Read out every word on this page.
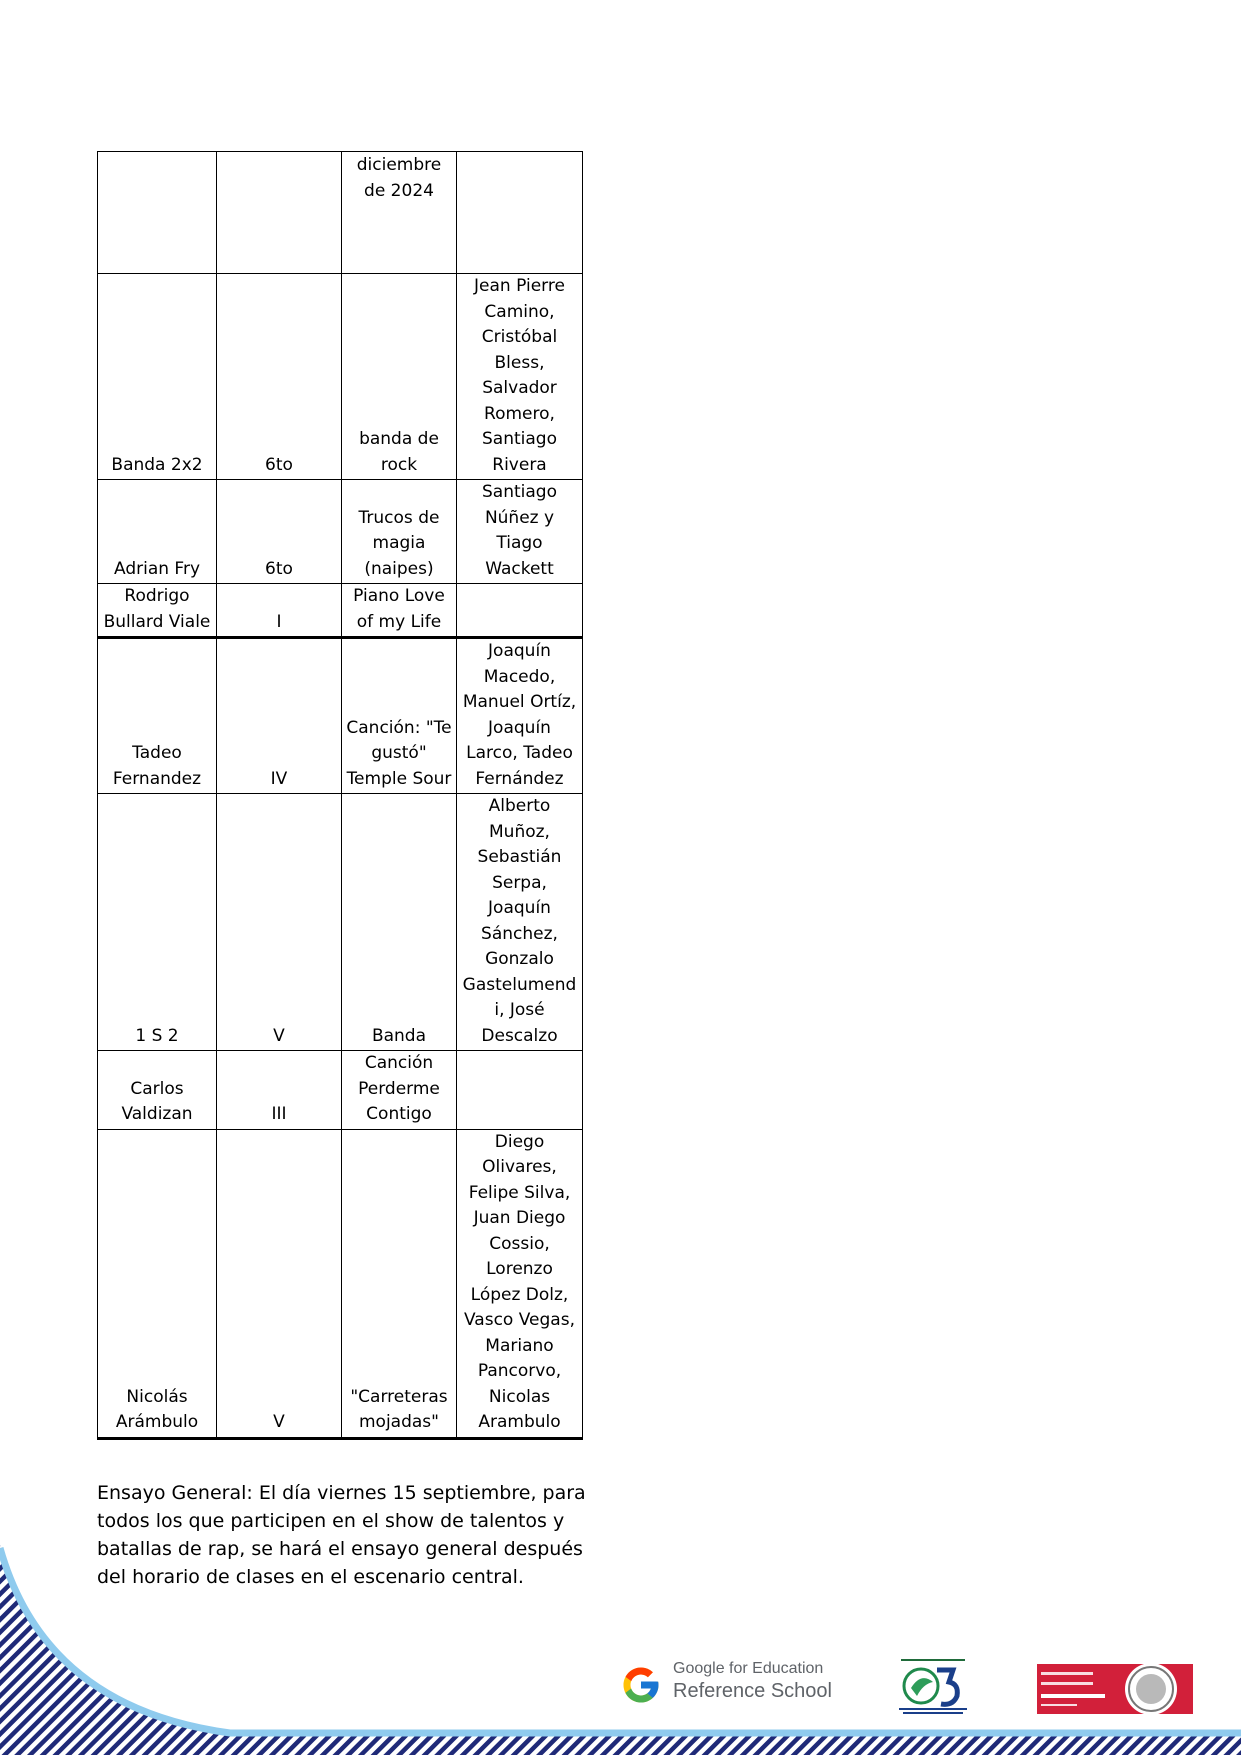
		diciembre de 2024	
Banda 2x2	6to	banda de rock	Jean Pierre Camino, Cristóbal Bless, Salvador Romero, Santiago Rivera
Adrian Fry	6to	Trucos de magia (naipes)	Santiago Núñez y Tiago Wackett
Rodrigo Bullard Viale	I	Piano Love of my Life	
Tadeo Fernandez	IV	Canción: "Te gustó" Temple Sour	Joaquín Macedo, Manuel Ortíz, Joaquín Larco, Tadeo Fernández
1 S 2	V	Banda	Alberto Muñoz, Sebastián Serpa, Joaquín Sánchez, Gonzalo Gastelumend i, José Descalzo
Carlos Valdizan	III	Canción Perderme Contigo	
Nicolás Arámbulo	V	"Carreteras mojadas"	Diego Olivares, Felipe Silva, Juan Diego Cossio, Lorenzo López Dolz, Vasco Vegas, Mariano Pancorvo, Nicolas Arambulo

Ensayo General: El día viernes 15 septiembre, para todos los que participen en el show de talentos y batallas de rap, se hará el ensayo general después del horario de clases en el escenario central.

Google for Education
Reference School
